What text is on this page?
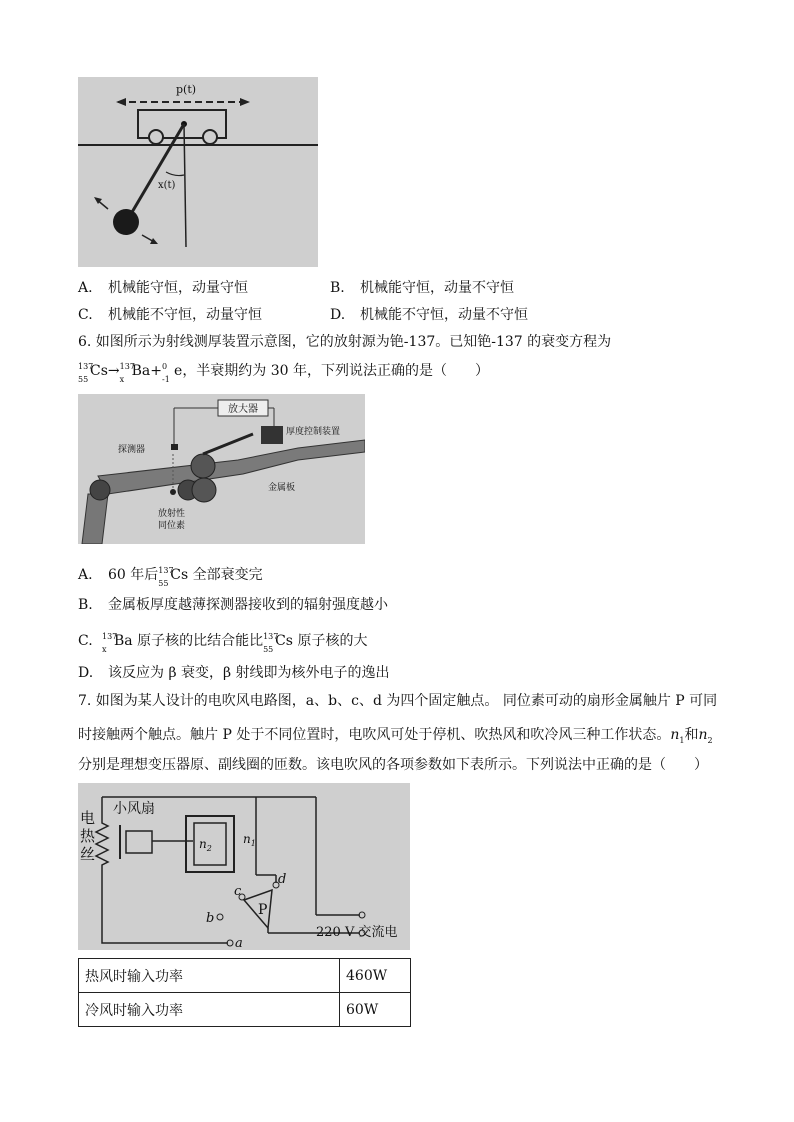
p(t)
x(t)
A. 机械能守恒，动量守恒	B. 机械能守恒，动量不守恒
C. 机械能不守恒，动量守恒	D. 机械能不守恒，动量不守恒
6. 如图所示为射线测厚装置示意图，它的放射源为铯-137。已知铯-137 的衰变方程为
137
55
Cs→ 137
x
Ba+ 0
-1
e，半衰期约为 30 年，下列说法正确的是（　　）
放大器
厚度控制装置
探测器
金属板
放射性
同位素
A. 60 年后 137
55
Cs 全部衰变完
B. 金属板厚度越薄探测器接收到的辐射强度越小
C. 137
x
Ba 原子核的比结合能比 137
55
Cs 原子核的大
D. 该反应为 β 衰变，β 射线即为核外电子的逸出
7. 如图为某人设计的电吹风电路图，a、b、c、d 为四个固定触点。 同位素可动的扇形金属触片 P 可同
时接触两个触点。触片 P 处于不同位置时，电吹风可处于停机、吹热风和吹冷风三种工作状态。$n_1$和$n_2$
分别是理想变压器原、副线圈的匝数。该电吹风的各项参数如下表所示。下列说法中正确的是（　　）
电
热
丝
小风扇
$n_2$
$n_1$
P
c
d
b
a
220 V 交流电
热风时输入功率	460W
冷风时输入功率	60W
